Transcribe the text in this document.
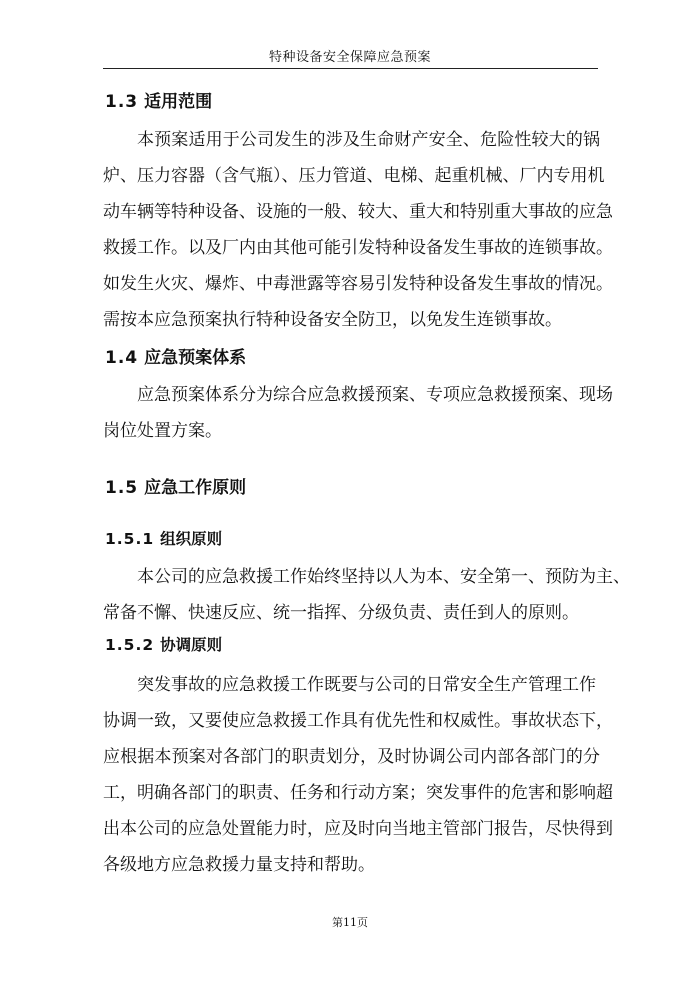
特种设备安全保障应急预案
1.3 适用范围
本预案适用于公司发生的涉及生命财产安全、危险性较大的锅
炉、压力容器（含气瓶）、压力管道、电梯、起重机械、厂内专用机
动车辆等特种设备、设施的一般、较大、重大和特别重大事故的应急
救援工作。以及厂内由其他可能引发特种设备发生事故的连锁事故。
如发生火灾、爆炸、中毒泄露等容易引发特种设备发生事故的情况。
需按本应急预案执行特种设备安全防卫，以免发生连锁事故。
1.4 应急预案体系
应急预案体系分为综合应急救援预案、专项应急救援预案、现场
岗位处置方案。
1.5 应急工作原则
1.5.1 组织原则
本公司的应急救援工作始终坚持以人为本、安全第一、预防为主、
常备不懈、快速反应、统一指挥、分级负责、责任到人的原则。
1.5.2 协调原则
突发事故的应急救援工作既要与公司的日常安全生产管理工作
协调一致，又要使应急救援工作具有优先性和权威性。事故状态下，
应根据本预案对各部门的职责划分，及时协调公司内部各部门的分
工，明确各部门的职责、任务和行动方案；突发事件的危害和影响超
出本公司的应急处置能力时，应及时向当地主管部门报告，尽快得到
各级地方应急救援力量支持和帮助。
第11页
